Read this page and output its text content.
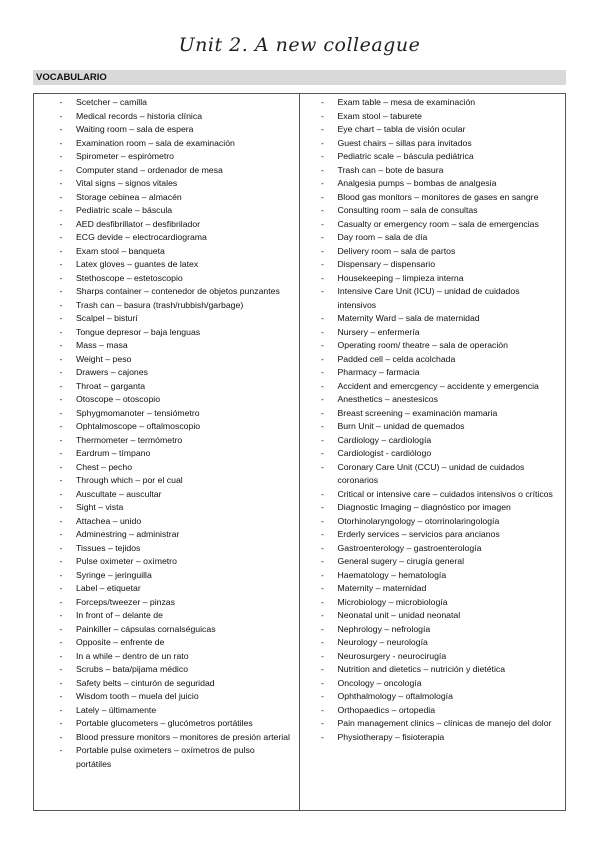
Unit 2. A new colleague
VOCABULARIO
-	Scetcher – camilla
-	Medical records – historia clínica
-	Waiting room – sala de espera
-	Examination room – sala de examinación
-	Spirometer – espirómetro
-	Computer stand – ordenador de mesa
-	Vital signs – signos vitales
-	Storage cebinea – almacén
-	Pediatric scale – báscula
-	AED desfibrillator – desfibrilador
-	ECG devide – electrocardiograma
-	Exam stool – banqueta
-	Latex gloves – guantes de latex
-	Stethoscope – estetoscopio
-	Sharps container – contenedor de objetos punzantes
-	Trash can – basura (trash/rubbish/garbage)
-	Scalpel – bisturí
-	Tongue depresor – baja lenguas
-	Mass – masa
-	Weight – peso
-	Drawers – cajones
-	Throat – garganta
-	Otoscope – otoscopio
-	Sphygmomanoter – tensiómetro
-	Ophtalmoscope – oftalmoscopio
-	Thermometer – termómetro
-	Eardrum – tímpano
-	Chest – pecho
-	Through which – por el cual
-	Auscultate – auscultar
-	Sight – vista
-	Attachea – unido
-	Adminestring – administrar
-	Tissues – tejidos
-	Pulse oximeter – oxímetro
-	Syringe – jeringuilla
-	Label – etiquetar
-	Forceps/tweezer – pinzas
-	In front of – delante de
-	Painkiller – cápsulas cornalséguicas
-	Opposite – enfrente de
-	In a while – dentro de un rato
-	Scrubs – bata/pijama médico
-	Safety belts – cinturón de seguridad
-	Wisdom tooth – muela del juicio
-	Lately – últimamente
-	Portable glucometers – glucómetros portátiles
-	Blood pressure monitors – monitores de presión arterial
-	Portable pulse oximeters – oxímetros de pulso portátiles
-	Exam table – mesa de examinación
-	Exam stool – taburete
-	Eye chart – tabla de visión ocular
-	Guest chairs – sillas para invitados
-	Pediatric scale – báscula pediátrica
-	Trash can – bote de basura
-	Analgesia pumps – bombas de analgesia
-	Blood gas monitors – monitores de gases en sangre
-	Consulting room – sala de consultas
-	Casualty or emergency room – sala de emergencias
-	Day room – sala de día
-	Delivery room – sala de partos
-	Dispensary – dispensario
-	Housekeeping – limpieza interna
-	Intensive Care Unit (ICU) – unidad de cuidados intensivos
-	Maternity Ward – sala de maternidad
-	Nursery – enfermería
-	Operating room/ theatre – sala de operación
-	Padded cell – celda acolchada
-	Pharmacy – farmacia
-	Accident and emercgency – accidente y emergencia
-	Anesthetics – anestesicos
-	Breast screening – examinación mamaria
-	Burn Unit – unidad de quemados
-	Cardiology – cardiología
-	Cardiologist - cardiólogo
-	Coronary Care Unit (CCU) – unidad de cuidados coronarios
-	Critical or intensive care – cuidados intensivos o críticos
-	Diagnostic Imaging – diagnóstico por imagen
-	Otorhinolaryngology – otorrinolaringología
-	Erderly services – servicios para ancianos
-	Gastroenterology – gastroenterología
-	General sugery – cirugía general
-	Haematology – hematología
-	Maternity – maternidad
-	Microbiology – microbiología
-	Neonatal unit – unidad neonatal
-	Nephrology – nefrología
-	Neurology – neurología
-	Neurosurgery - neurocirugía
-	Nutrition and dietetics – nutrición y dietética
-	Oncology – oncología
-	Ophthalmology – oftalmología
-	Orthopaedics – ortopedia
-	Pain management clinics – clínicas de manejo del dolor
-	Physiotherapy – fisioterapia
